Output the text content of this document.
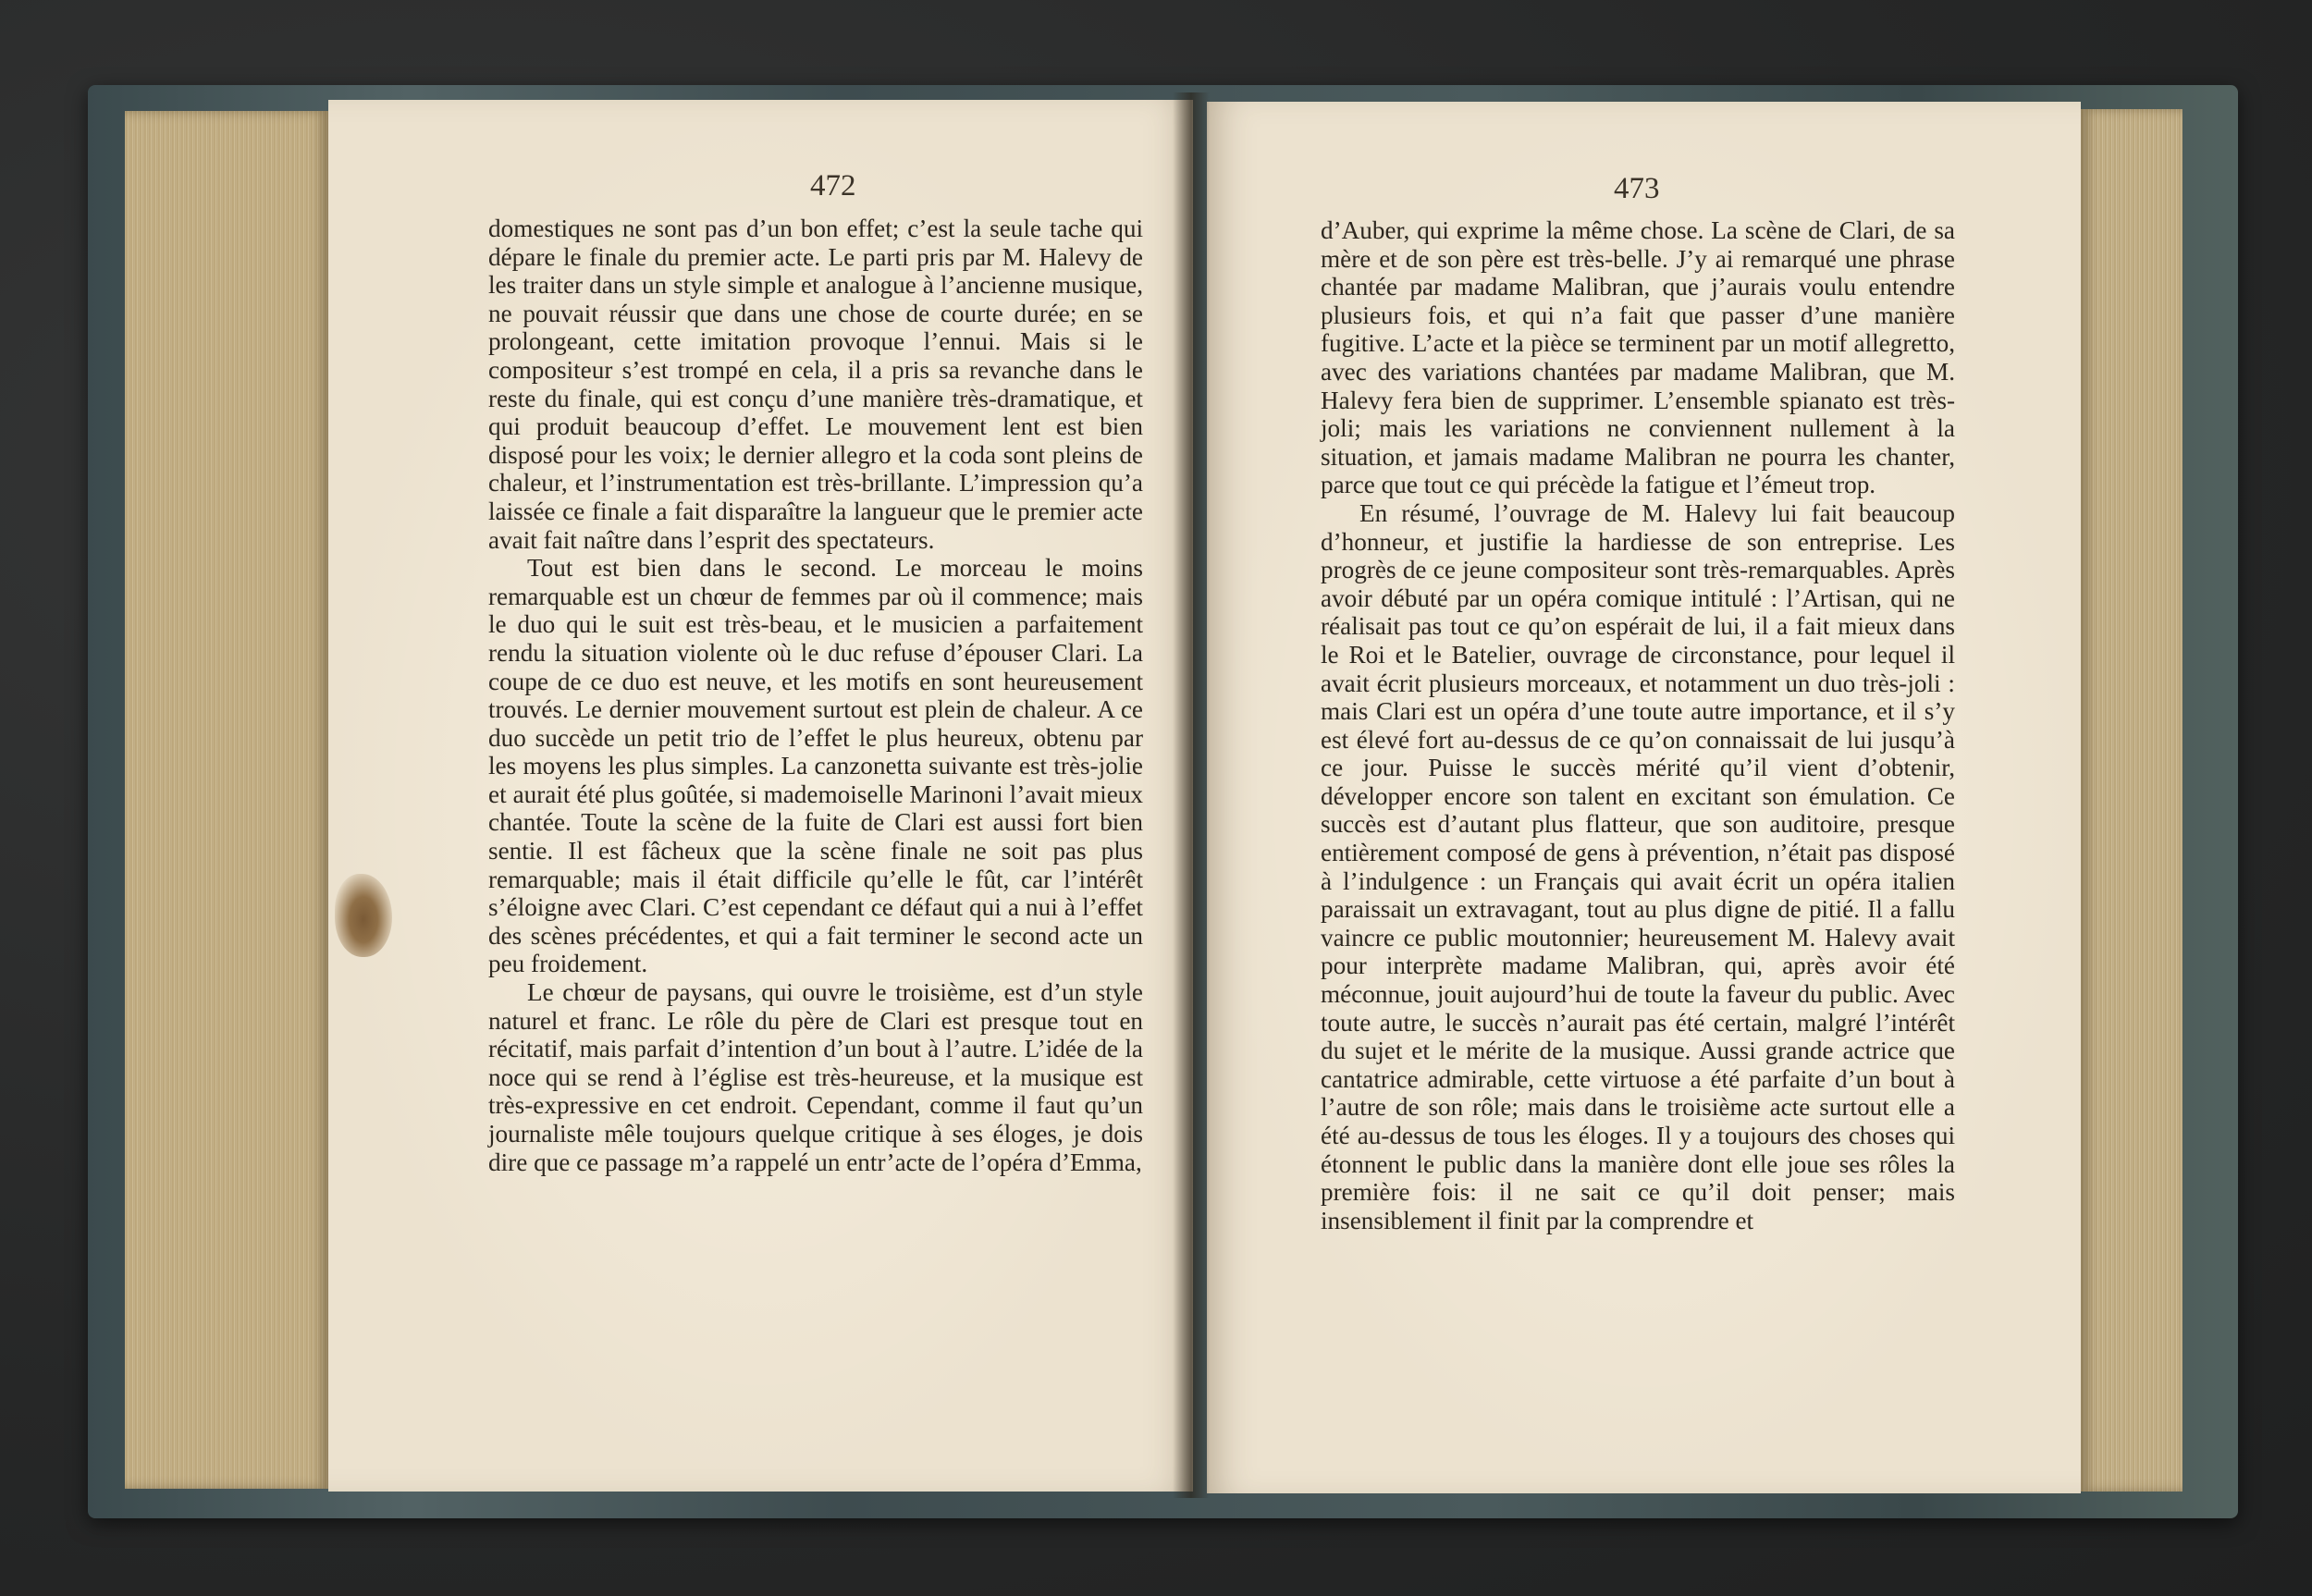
472	473

domestiques ne sont pas d’un bon effet; c’est la seule tache qui dépare le finale du premier acte. Le parti pris par M. Halevy de les traiter dans un style simple et analogue à l’ancienne musique, ne pouvait réussir que dans une chose de courte durée; en se prolongeant, cette imitation provoque l’ennui. Mais si le compositeur s’est trompé en cela, il a pris sa revanche dans le reste du finale, qui est conçu d’une manière très-dramatique, et qui produit beaucoup d’effet. Le mouvement lent est bien disposé pour les voix; le dernier allegro et la coda sont pleins de chaleur, et l’instrumentation est très-brillante. L’impression qu’a laissée ce finale a fait disparaître la langueur que le premier acte avait fait naître dans l’esprit des spectateurs.

Tout est bien dans le second. Le morceau le moins remarquable est un chœur de femmes par où il commence; mais le duo qui le suit est très-beau, et le musicien a parfaitement rendu la situation violente où le duc refuse d’épouser Clari. La coupe de ce duo est neuve, et les motifs en sont heureusement trouvés. Le dernier mouvement surtout est plein de chaleur. A ce duo succède un petit trio de l’effet le plus heureux, obtenu par les moyens les plus simples. La canzonetta suivante est très-jolie et aurait été plus goûtée, si mademoiselle Marinoni l’avait mieux chantée. Toute la scène de la fuite de Clari est aussi fort bien sentie. Il est fâcheux que la scène finale ne soit pas plus remarquable; mais il était difficile qu’elle le fût, car l’intérêt s’éloigne avec Clari. C’est cependant ce défaut qui a nui à l’effet des scènes précédentes, et qui a fait terminer le second acte un peu froidement.

Le chœur de paysans, qui ouvre le troisième, est d’un style naturel et franc. Le rôle du père de Clari est presque tout en récitatif, mais parfait d’intention d’un bout à l’autre. L’idée de la noce qui se rend à l’église est très-heureuse, et la musique est très-expressive en cet endroit. Cependant, comme il faut qu’un journaliste mêle toujours quelque critique à ses éloges, je dois dire que ce passage m’a rappelé un entr’acte de l’opéra d’Emma,

d’Auber, qui exprime la même chose. La scène de Clari, de sa mère et de son père est très-belle. J’y ai remarqué une phrase chantée par madame Malibran, que j’aurais voulu entendre plusieurs fois, et qui n’a fait que passer d’une manière fugitive. L’acte et la pièce se terminent par un motif allegretto, avec des variations chantées par madame Malibran, que M. Halevy fera bien de supprimer. L’ensemble spianato est très-joli; mais les variations ne conviennent nullement à la situation, et jamais madame Malibran ne pourra les chanter, parce que tout ce qui précède la fatigue et l’émeut trop.

En résumé, l’ouvrage de M. Halevy lui fait beaucoup d’honneur, et justifie la hardiesse de son entreprise. Les progrès de ce jeune compositeur sont très-remarquables. Après avoir débuté par un opéra comique intitulé : l’Artisan, qui ne réalisait pas tout ce qu’on espérait de lui, il a fait mieux dans le Roi et le Batelier, ouvrage de circonstance, pour lequel il avait écrit plusieurs morceaux, et notamment un duo très-joli : mais Clari est un opéra d’une toute autre importance, et il s’y est élevé fort au-dessus de ce qu’on connaissait de lui jusqu’à ce jour. Puisse le succès mérité qu’il vient d’obtenir, développer encore son talent en excitant son émulation. Ce succès est d’autant plus flatteur, que son auditoire, presque entièrement composé de gens à prévention, n’était pas disposé à l’indulgence : un Français qui avait écrit un opéra italien paraissait un extravagant, tout au plus digne de pitié. Il a fallu vaincre ce public moutonnier; heureusement M. Halevy avait pour interprète madame Malibran, qui, après avoir été méconnue, jouit aujourd’hui de toute la faveur du public. Avec toute autre, le succès n’aurait pas été certain, malgré l’intérêt du sujet et le mérite de la musique. Aussi grande actrice que cantatrice admirable, cette virtuose a été parfaite d’un bout à l’autre de son rôle; mais dans le troisième acte surtout elle a été au-dessus de tous les éloges. Il y a toujours des choses qui étonnent le public dans la manière dont elle joue ses rôles la première fois: il ne sait ce qu’il doit penser; mais insensiblement il finit par la comprendre et
